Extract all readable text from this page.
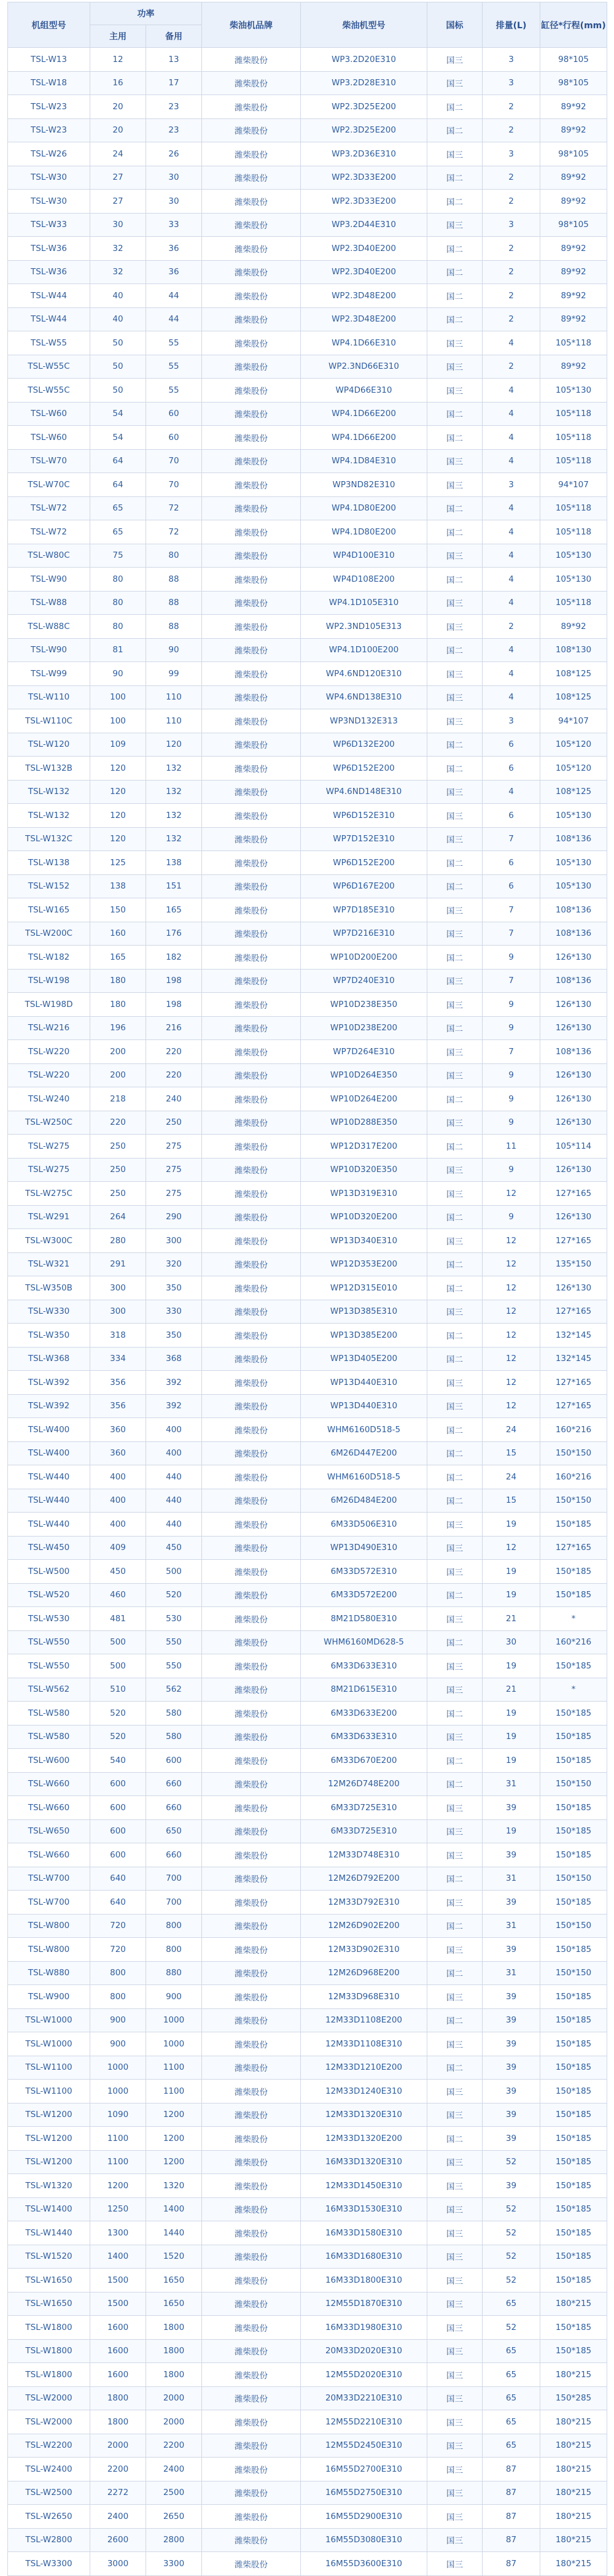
机组型号	功率		柴油机品牌	柴油机型号	国标	排量(L)	缸径*行程(mm)
	主用	备用					
TSL-W13	12	13	潍柴股份	WP3.2D20E310	国三	3	98*105
TSL-W18	16	17	潍柴股份	WP3.2D28E310	国三	3	98*105
TSL-W23	20	23	潍柴股份	WP2.3D25E200	国二	2	89*92
TSL-W23	20	23	潍柴股份	WP2.3D25E200	国二	2	89*92
TSL-W26	24	26	潍柴股份	WP3.2D36E310	国三	3	98*105
TSL-W30	27	30	潍柴股份	WP2.3D33E200	国二	2	89*92
TSL-W30	27	30	潍柴股份	WP2.3D33E200	国二	2	89*92
TSL-W33	30	33	潍柴股份	WP3.2D44E310	国三	3	98*105
TSL-W36	32	36	潍柴股份	WP2.3D40E200	国二	2	89*92
TSL-W36	32	36	潍柴股份	WP2.3D40E200	国二	2	89*92
TSL-W44	40	44	潍柴股份	WP2.3D48E200	国二	2	89*92
TSL-W44	40	44	潍柴股份	WP2.3D48E200	国二	2	89*92
TSL-W55	50	55	潍柴股份	WP4.1D66E310	国三	4	105*118
TSL-W55C	50	55	潍柴股份	WP2.3ND66E310	国三	2	89*92
TSL-W55C	50	55	潍柴股份	WP4D66E310	国三	4	105*130
TSL-W60	54	60	潍柴股份	WP4.1D66E200	国二	4	105*118
TSL-W60	54	60	潍柴股份	WP4.1D66E200	国二	4	105*118
TSL-W70	64	70	潍柴股份	WP4.1D84E310	国三	4	105*118
TSL-W70C	64	70	潍柴股份	WP3ND82E310	国三	3	94*107
TSL-W72	65	72	潍柴股份	WP4.1D80E200	国二	4	105*118
TSL-W72	65	72	潍柴股份	WP4.1D80E200	国二	4	105*118
TSL-W80C	75	80	潍柴股份	WP4D100E310	国三	4	105*130
TSL-W90	80	88	潍柴股份	WP4D108E200	国二	4	105*130
TSL-W88	80	88	潍柴股份	WP4.1D105E310	国三	4	105*118
TSL-W88C	80	88	潍柴股份	WP2.3ND105E313	国三	2	89*92
TSL-W90	81	90	潍柴股份	WP4.1D100E200	国二	4	108*130
TSL-W99	90	99	潍柴股份	WP4.6ND120E310	国三	4	108*125
TSL-W110	100	110	潍柴股份	WP4.6ND138E310	国三	4	108*125
TSL-W110C	100	110	潍柴股份	WP3ND132E313	国三	3	94*107
TSL-W120	109	120	潍柴股份	WP6D132E200	国二	6	105*120
TSL-W132B	120	132	潍柴股份	WP6D152E200	国二	6	105*120
TSL-W132	120	132	潍柴股份	WP4.6ND148E310	国三	4	108*125
TSL-W132	120	132	潍柴股份	WP6D152E310	国三	6	105*130
TSL-W132C	120	132	潍柴股份	WP7D152E310	国三	7	108*136
TSL-W138	125	138	潍柴股份	WP6D152E200	国二	6	105*130
TSL-W152	138	151	潍柴股份	WP6D167E200	国二	6	105*130
TSL-W165	150	165	潍柴股份	WP7D185E310	国三	7	108*136
TSL-W200C	160	176	潍柴股份	WP7D216E310	国三	7	108*136
TSL-W182	165	182	潍柴股份	WP10D200E200	国二	9	126*130
TSL-W198	180	198	潍柴股份	WP7D240E310	国三	7	108*136
TSL-W198D	180	198	潍柴股份	WP10D238E350	国三	9	126*130
TSL-W216	196	216	潍柴股份	WP10D238E200	国二	9	126*130
TSL-W220	200	220	潍柴股份	WP7D264E310	国三	7	108*136
TSL-W220	200	220	潍柴股份	WP10D264E350	国三	9	126*130
TSL-W240	218	240	潍柴股份	WP10D264E200	国二	9	126*130
TSL-W250C	220	250	潍柴股份	WP10D288E350	国三	9	126*130
TSL-W275	250	275	潍柴股份	WP12D317E200	国二	11	105*114
TSL-W275	250	275	潍柴股份	WP10D320E350	国三	9	126*130
TSL-W275C	250	275	潍柴股份	WP13D319E310	国三	12	127*165
TSL-W291	264	290	潍柴股份	WP10D320E200	国二	9	126*130
TSL-W300C	280	300	潍柴股份	WP13D340E310	国三	12	127*165
TSL-W321	291	320	潍柴股份	WP12D353E200	国二	12	135*150
TSL-W350B	300	350	潍柴股份	WP12D315E010	国二	12	126*130
TSL-W330	300	330	潍柴股份	WP13D385E310	国三	12	127*165
TSL-W350	318	350	潍柴股份	WP13D385E200	国二	12	132*145
TSL-W368	334	368	潍柴股份	WP13D405E200	国二	12	132*145
TSL-W392	356	392	潍柴股份	WP13D440E310	国三	12	127*165
TSL-W392	356	392	潍柴股份	WP13D440E310	国三	12	127*165
TSL-W400	360	400	潍柴股份	WHM6160D518-5	国二	24	160*216
TSL-W400	360	400	潍柴股份	6M26D447E200	国二	15	150*150
TSL-W440	400	440	潍柴股份	WHM6160D518-5	国二	24	160*216
TSL-W440	400	440	潍柴股份	6M26D484E200	国二	15	150*150
TSL-W440	400	440	潍柴股份	6M33D506E310	国三	19	150*185
TSL-W450	409	450	潍柴股份	WP13D490E310	国三	12	127*165
TSL-W500	450	500	潍柴股份	6M33D572E310	国三	19	150*185
TSL-W520	460	520	潍柴股份	6M33D572E200	国二	19	150*185
TSL-W530	481	530	潍柴股份	8M21D580E310	国三	21	*
TSL-W550	500	550	潍柴股份	WHM6160MD628-5	国二	30	160*216
TSL-W550	500	550	潍柴股份	6M33D633E310	国三	19	150*185
TSL-W562	510	562	潍柴股份	8M21D615E310	国三	21	*
TSL-W580	520	580	潍柴股份	6M33D633E200	国二	19	150*185
TSL-W580	520	580	潍柴股份	6M33D633E310	国三	19	150*185
TSL-W600	540	600	潍柴股份	6M33D670E200	国二	19	150*185
TSL-W660	600	660	潍柴股份	12M26D748E200	国二	31	150*150
TSL-W660	600	660	潍柴股份	6M33D725E310	国三	39	150*185
TSL-W650	600	650	潍柴股份	6M33D725E310	国三	19	150*185
TSL-W660	600	660	潍柴股份	12M33D748E310	国三	39	150*185
TSL-W700	640	700	潍柴股份	12M26D792E200	国二	31	150*150
TSL-W700	640	700	潍柴股份	12M33D792E310	国三	39	150*185
TSL-W800	720	800	潍柴股份	12M26D902E200	国二	31	150*150
TSL-W800	720	800	潍柴股份	12M33D902E310	国三	39	150*185
TSL-W880	800	880	潍柴股份	12M26D968E200	国二	31	150*150
TSL-W900	800	900	潍柴股份	12M33D968E310	国三	39	150*185
TSL-W1000	900	1000	潍柴股份	12M33D1108E200	国二	39	150*185
TSL-W1000	900	1000	潍柴股份	12M33D1108E310	国三	39	150*185
TSL-W1100	1000	1100	潍柴股份	12M33D1210E200	国二	39	150*185
TSL-W1100	1000	1100	潍柴股份	12M33D1240E310	国三	39	150*185
TSL-W1200	1090	1200	潍柴股份	12M33D1320E310	国三	39	150*185
TSL-W1200	1100	1200	潍柴股份	12M33D1320E200	国二	39	150*185
TSL-W1200	1100	1200	潍柴股份	16M33D1320E310	国三	52	150*185
TSL-W1320	1200	1320	潍柴股份	12M33D1450E310	国三	39	150*185
TSL-W1400	1250	1400	潍柴股份	16M33D1530E310	国三	52	150*185
TSL-W1440	1300	1440	潍柴股份	16M33D1580E310	国三	52	150*185
TSL-W1520	1400	1520	潍柴股份	16M33D1680E310	国三	52	150*185
TSL-W1650	1500	1650	潍柴股份	16M33D1800E310	国三	52	150*185
TSL-W1650	1500	1650	潍柴股份	12M55D1870E310	国三	65	180*215
TSL-W1800	1600	1800	潍柴股份	16M33D1980E310	国三	52	150*185
TSL-W1800	1600	1800	潍柴股份	20M33D2020E310	国三	65	150*185
TSL-W1800	1600	1800	潍柴股份	12M55D2020E310	国三	65	180*215
TSL-W2000	1800	2000	潍柴股份	20M33D2210E310	国三	65	150*285
TSL-W2000	1800	2000	潍柴股份	12M55D2210E310	国三	65	180*215
TSL-W2200	2000	2200	潍柴股份	12M55D2450E310	国三	65	180*215
TSL-W2400	2200	2400	潍柴股份	16M55D2700E310	国三	87	180*215
TSL-W2500	2272	2500	潍柴股份	16M55D2750E310	国三	87	180*215
TSL-W2650	2400	2650	潍柴股份	16M55D2900E310	国三	87	180*215
TSL-W2800	2600	2800	潍柴股份	16M55D3080E310	国三	87	180*215
TSL-W3300	3000	3300	潍柴股份	16M55D3600E310	国三	87	180*215
